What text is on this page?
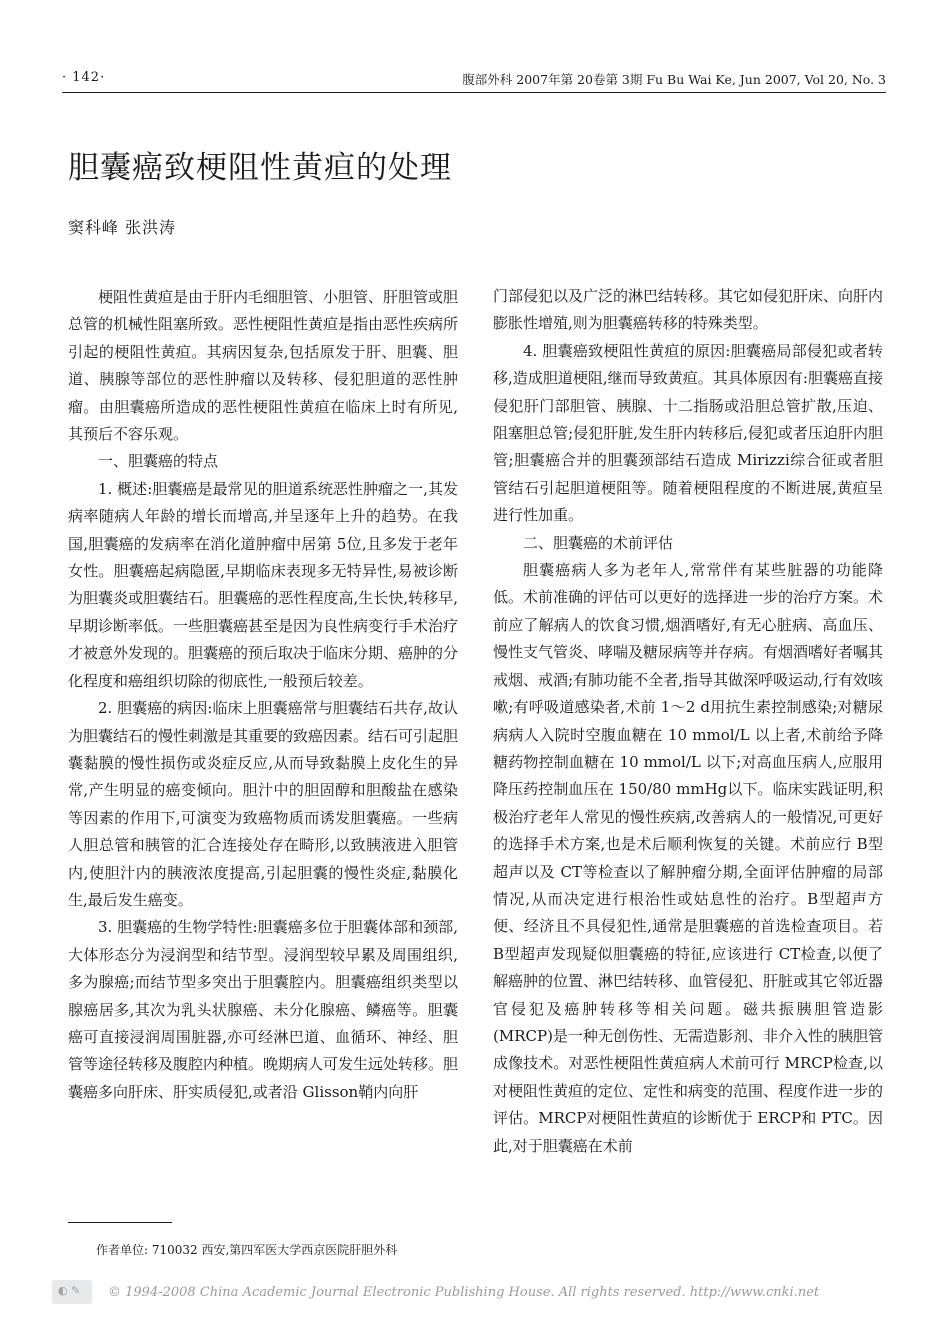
· 142·	腹部外科 2007年第 20卷第 3期 Fu Bu Wai Ke, Jun 2007, Vol 20, No. 3
胆囊癌致梗阻性黄疸的处理
窦科峰 张洪涛

梗阻性黄疸是由于肝内毛细胆管、小胆管、肝胆管或胆总管的机械性阻塞所致。恶性梗阻性黄疸是指由恶性疾病所引起的梗阻性黄疸。其病因复杂,包括原发于肝、胆囊、胆道、胰腺等部位的恶性肿瘤以及转移、侵犯胆道的恶性肿瘤。由胆囊癌所造成的恶性梗阻性黄疸在临床上时有所见,其预后不容乐观。

一、胆囊癌的特点

1. 概述:胆囊癌是最常见的胆道系统恶性肿瘤之一,其发病率随病人年龄的增长而增高,并呈逐年上升的趋势。在我国,胆囊癌的发病率在消化道肿瘤中居第 5位,且多发于老年女性。胆囊癌起病隐匿,早期临床表现多无特异性,易被诊断为胆囊炎或胆囊结石。胆囊癌的恶性程度高,生长快,转移早,早期诊断率低。一些胆囊癌甚至是因为良性病变行手术治疗才被意外发现的。胆囊癌的预后取决于临床分期、癌肿的分化程度和癌组织切除的彻底性,一般预后较差。

2. 胆囊癌的病因:临床上胆囊癌常与胆囊结石共存,故认为胆囊结石的慢性刺激是其重要的致癌因素。结石可引起胆囊黏膜的慢性损伤或炎症反应,从而导致黏膜上皮化生的异常,产生明显的癌变倾向。胆汁中的胆固醇和胆酸盐在感染等因素的作用下,可演变为致癌物质而诱发胆囊癌。一些病人胆总管和胰管的汇合连接处存在畸形,以致胰液进入胆管内,使胆汁内的胰液浓度提高,引起胆囊的慢性炎症,黏膜化生,最后发生癌变。

3. 胆囊癌的生物学特性:胆囊癌多位于胆囊体部和颈部,大体形态分为浸润型和结节型。浸润型较早累及周围组织,多为腺癌;而结节型多突出于胆囊腔内。胆囊癌组织类型以腺癌居多,其次为乳头状腺癌、未分化腺癌、鳞癌等。胆囊癌可直接浸润周围脏器,亦可经淋巴道、血循环、神经、胆管等途径转移及腹腔内种植。晚期病人可发生远处转移。胆囊癌多向肝床、肝实质侵犯,或者沿 Glisson鞘内向肝

门部侵犯以及广泛的淋巴结转移。其它如侵犯肝床、向肝内膨胀性增殖,则为胆囊癌转移的特殊类型。

4. 胆囊癌致梗阻性黄疸的原因:胆囊癌局部侵犯或者转移,造成胆道梗阻,继而导致黄疸。其具体原因有:胆囊癌直接侵犯肝门部胆管、胰腺、十二指肠或沿胆总管扩散,压迫、阻塞胆总管;侵犯肝脏,发生肝内转移后,侵犯或者压迫肝内胆管;胆囊癌合并的胆囊颈部结石造成 Mirizzi综合征或者胆管结石引起胆道梗阻等。随着梗阻程度的不断进展,黄疸呈进行性加重。

二、胆囊癌的术前评估

胆囊癌病人多为老年人,常常伴有某些脏器的功能降低。术前准确的评估可以更好的选择进一步的治疗方案。术前应了解病人的饮食习惯,烟酒嗜好,有无心脏病、高血压、慢性支气管炎、哮喘及糖尿病等并存病。有烟酒嗜好者嘱其戒烟、戒酒;有肺功能不全者,指导其做深呼吸运动,行有效咳嗽;有呼吸道感染者,术前 1～2 d用抗生素控制感染;对糖尿病病人入院时空腹血糖在 10 mmol/L 以上者,术前给予降糖药物控制血糖在 10 mmol/L 以下;对高血压病人,应服用降压药控制血压在 150/80 mmHg以下。临床实践证明,积极治疗老年人常见的慢性疾病,改善病人的一般情况,可更好的选择手术方案,也是术后顺利恢复的关键。术前应行 B型超声以及 CT等检查以了解肿瘤分期,全面评估肿瘤的局部情况,从而决定进行根治性或姑息性的治疗。B型超声方便、经济且不具侵犯性,通常是胆囊癌的首选检查项目。若 B型超声发现疑似胆囊癌的特征,应该进行 CT检查,以便了解癌肿的位置、淋巴结转移、血管侵犯、肝脏或其它邻近器官侵犯及癌肿转移等相关问题。磁共振胰胆管造影 (MRCP)是一种无创伤性、无需造影剂、非介入性的胰胆管成像技术。对恶性梗阻性黄疸病人术前可行 MRCP检查,以对梗阻性黄疸的定位、定性和病变的范围、程度作进一步的评估。MRCP对梗阻性黄疸的诊断优于 ERCP和 PTC。因此,对于胆囊癌在术前

作者单位: 710032 西安,第四军医大学西京医院肝胆外科
◐ ✎ © 1994-2008 China Academic Journal Electronic Publishing House. All rights reserved. http://www.cnki.net
